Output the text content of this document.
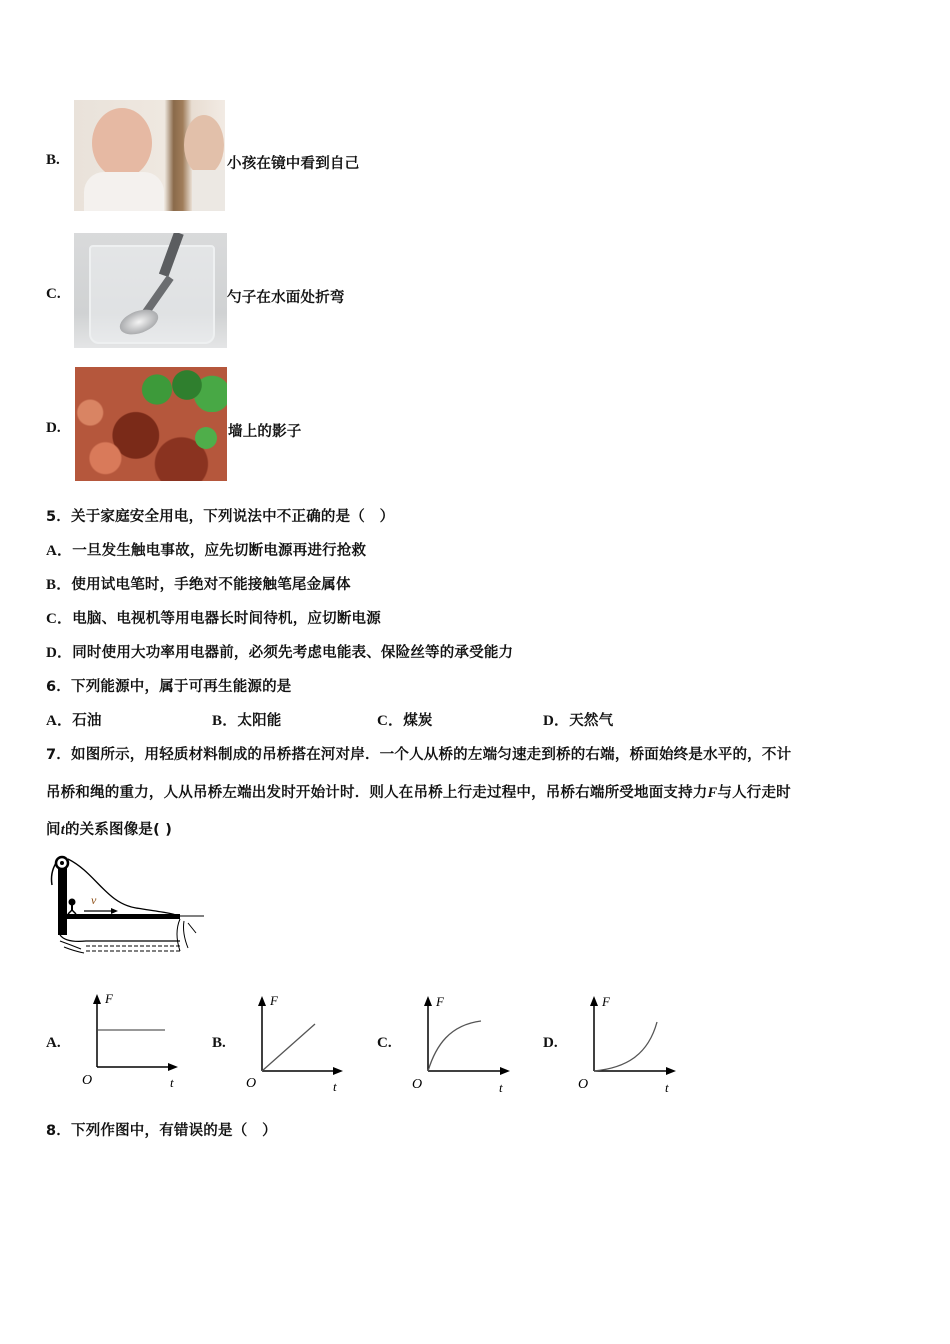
B.	小孩在镜中看到自己
C.	勺子在水面处折弯
D.	墙上的影子
5．关于家庭安全用电，下列说法中不正确的是（　）
A．一旦发生触电事故，应先切断电源再进行抢救
B．使用试电笔时，手绝对不能接触笔尾金属体
C．电脑、电视机等用电器长时间待机，应切断电源
D．同时使用大功率用电器前，必须先考虑电能表、保险丝等的承受能力
6．下列能源中，属于可再生能源的是
A．石油	B．太阳能	C．煤炭	D．天然气
7．如图所示，用轻质材料制成的吊桥搭在河对岸．一个人从桥的左端匀速走到桥的右端，桥面始终是水平的，不计
吊桥和绳的重力，人从吊桥左端出发时开始计时．则人在吊桥上行走过程中，吊桥右端所受地面支持力F与人行走时
间t的关系图像是( )
v
A.
F
O	t
B.
F
O	t
C.
F
O	t
D.
F
O	t
8．下列作图中，有错误的是（　）
